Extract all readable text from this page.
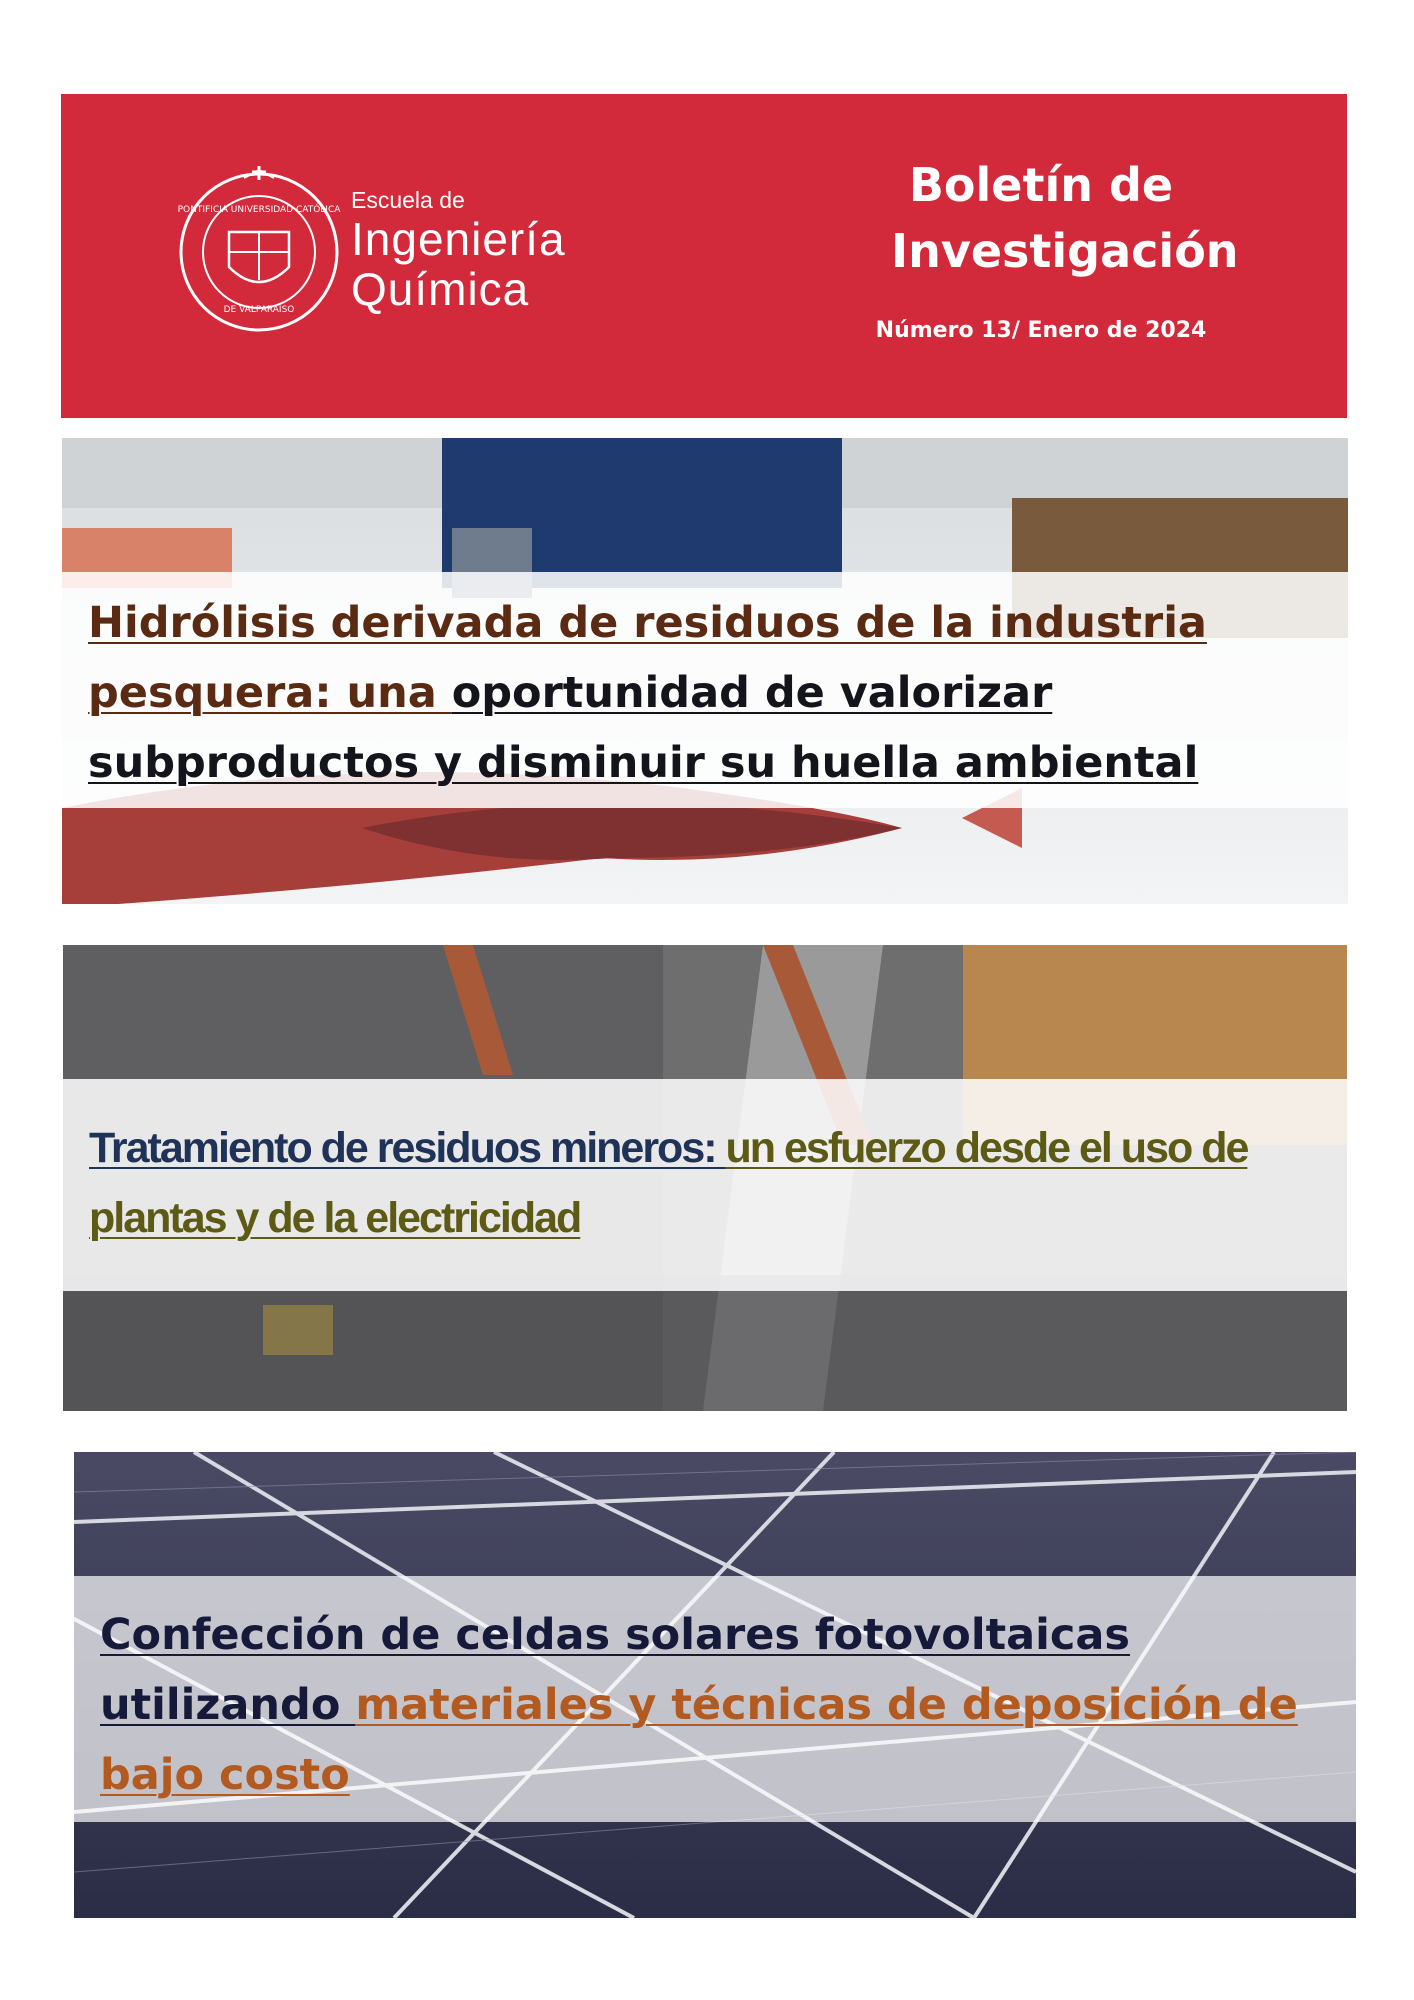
PONTIFICIA UNIVERSIDAD CATÓLICA
DE VALPARAÍSO
Escuela de
Ingeniería
Química
Boletín de Investigación
Número 13/ Enero de 2024
Hidrólisis derivada de residuos de la industria pesquera: una oportunidad de valorizar subproductos y disminuir su huella ambiental
Tratamiento de residuos mineros: un esfuerzo desde el uso de plantas y de la electricidad
Confección de celdas solares fotovoltaicas utilizando materiales y técnicas de deposición de bajo costo
